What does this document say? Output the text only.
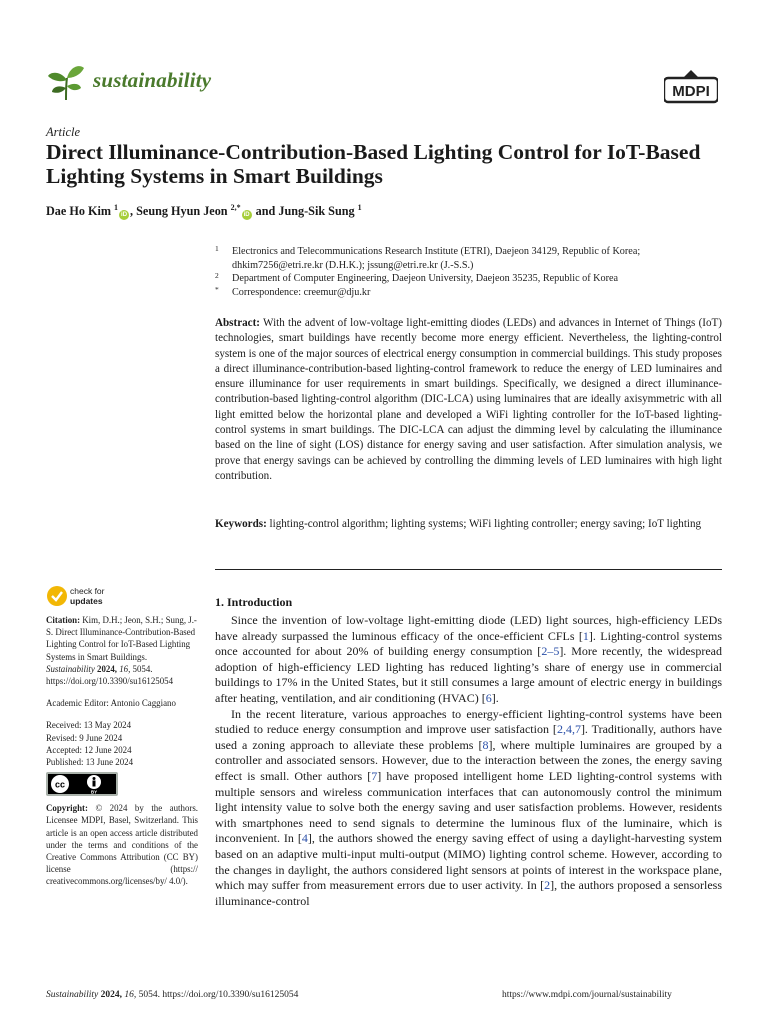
sustainability	MDPI
Article
Direct Illuminance-Contribution-Based Lighting Control for IoT-Based Lighting Systems in Smart Buildings
Dae Ho Kim $^1$iD , Seung Hyun Jeon $^{2,*}$iD and Jung-Sik Sung $^1$
1 Electronics and Telecommunications Research Institute (ETRI), Daejeon 34129, Republic of Korea; dhkim7256@etri.re.kr (D.H.K.); jssung@etri.re.kr (J.-S.S.)
2 Department of Computer Engineering, Daejeon University, Daejeon 35235, Republic of Korea
* Correspondence: creemur@dju.kr
Abstract: With the advent of low-voltage light-emitting diodes (LEDs) and advances in Internet of Things (IoT) technologies, smart buildings have recently become more energy efficient. Nevertheless, the lighting-control system is one of the major sources of electrical energy consumption in commercial buildings. This study proposes a direct illuminance-contribution-based lighting-control framework to reduce the energy of LED luminaires and ensure illuminance for user requirements in smart buildings. Specifically, we designed a direct illuminance-contribution-based lighting-control algorithm (DIC-LCA) using luminaires that are ideally axisymmetric with all light emitted below the horizontal plane and developed a WiFi lighting controller for the IoT-based lighting-control systems in smart buildings. The DIC-LCA can adjust the dimming level by calculating the illuminance based on the line of sight (LOS) distance for energy saving and user satisfaction. After simulation analysis, we prove that energy savings can be achieved by controlling the dimming levels of LED luminaires with high light contribution.
Keywords: lighting-control algorithm; lighting systems; WiFi lighting controller; energy saving; IoT lighting
check for
updates

Citation: Kim, D.H.; Jeon, S.H.; Sung, J.-S. Direct Illuminance-Contribution-Based Lighting Control for IoT-Based Lighting Systems in Smart Buildings. Sustainability 2024, 16, 5054. https://doi.org/10.3390/su16125054

Academic Editor: Antonio Caggiano

Received: 13 May 2024

Revised: 9 June 2024

Accepted: 12 June 2024

Published: 13 June 2024

cc
BY

Copyright: © 2024 by the authors. Licensee MDPI, Basel, Switzerland. This article is an open access article distributed under the terms and conditions of the Creative Commons Attribution (CC BY) license (https:// creativecommons.org/licenses/by/ 4.0/).

1. Introduction

Since the invention of low-voltage light-emitting diode (LED) light sources, high-efficiency LEDs have already surpassed the luminous efficacy of the once-efficient CFLs [1]. Lighting-control systems once accounted for about 20% of building energy consumption [2–5]. More recently, the widespread adoption of high-efficiency LED lighting has reduced lighting’s share of energy use in commercial buildings to 17% in the United States, but it still consumes a large amount of electric energy in buildings after heating, ventilation, and air conditioning (HVAC) [6].

In the recent literature, various approaches to energy-efficient lighting-control systems have been studied to reduce energy consumption and improve user satisfaction [2,4,7]. Traditionally, authors have used a zoning approach to alleviate these problems [8], where multiple luminaires are grouped by a controller and associated sensors. However, due to the interaction between the zones, the energy saving effect is small. Other authors [7] have proposed intelligent home LED lighting-control systems with multiple sensors and wireless communication interfaces that can autonomously control the minimum light intensity value to solve both the energy saving and user satisfaction problems. However, residents with smartphones need to send signals to determine the luminous flux of the luminaire, which is inconvenient. In [4], the authors showed the energy saving effect of using a daylight-harvesting system based on an adaptive multi-input multi-output (MIMO) lighting control scheme. However, according to the changes in daylight, the authors considered light sensors at points of interest in the workspace plane, which may suffer from measurement errors due to user activity. In [2], the authors proposed a sensorless illuminance-control

Sustainability 2024, 16, 5054. https://doi.org/10.3390/su16125054	https://www.mdpi.com/journal/sustainability
